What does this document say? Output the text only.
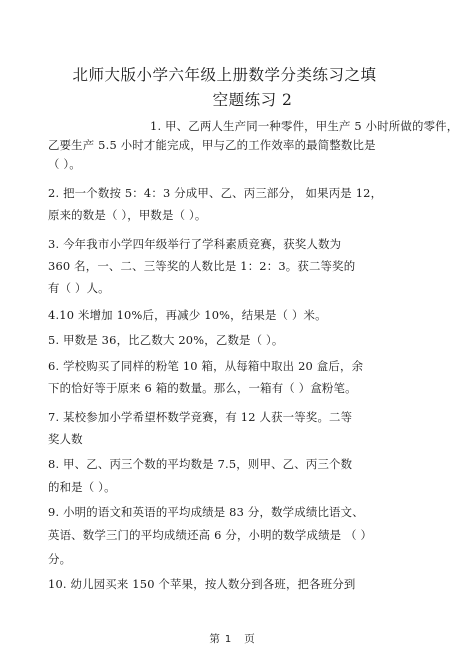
北师大版小学六年级上册数学分类练习之填
空题练习 2
1. 甲、乙两人生产同一种零件，甲生产 5 小时所做的零件，
乙要生产 5.5 小时才能完成，甲与乙的工作效率的最简整数比是
（ ）。
2. 把一个数按 5：4：3 分成甲、乙、丙三部分， 如果丙是 12，
原来的数是（ ），甲数是（ ）。
3. 今年我市小学四年级举行了学科素质竞赛，获奖人数为
360 名，一、二、三等奖的人数比是 1：2：3。获二等奖的
有（ ）人。
4.10 米增加 10%后，再减少 10%，结果是（ ）米。
5. 甲数是 36，比乙数大 20%，乙数是（ ）。
6. 学校购买了同样的粉笔 10 箱，从每箱中取出 20 盒后，余
下的恰好等于原来 6 箱的数量。那么，一箱有（ ）盒粉笔。
7. 某校参加小学希望杯数学竞赛，有 12 人获一等奖。二等
奖人数
8. 甲、乙、丙三个数的平均数是 7.5，则甲、乙、丙三个数
的和是（ ）。
9. 小明的语文和英语的平均成绩是 83 分，数学成绩比语文、
英语、数学三门的平均成绩还高 6 分，小明的数学成绩是 （ ）
分。
10. 幼儿园买来 150 个苹果，按人数分到各班，把各班分到
第 1 页
